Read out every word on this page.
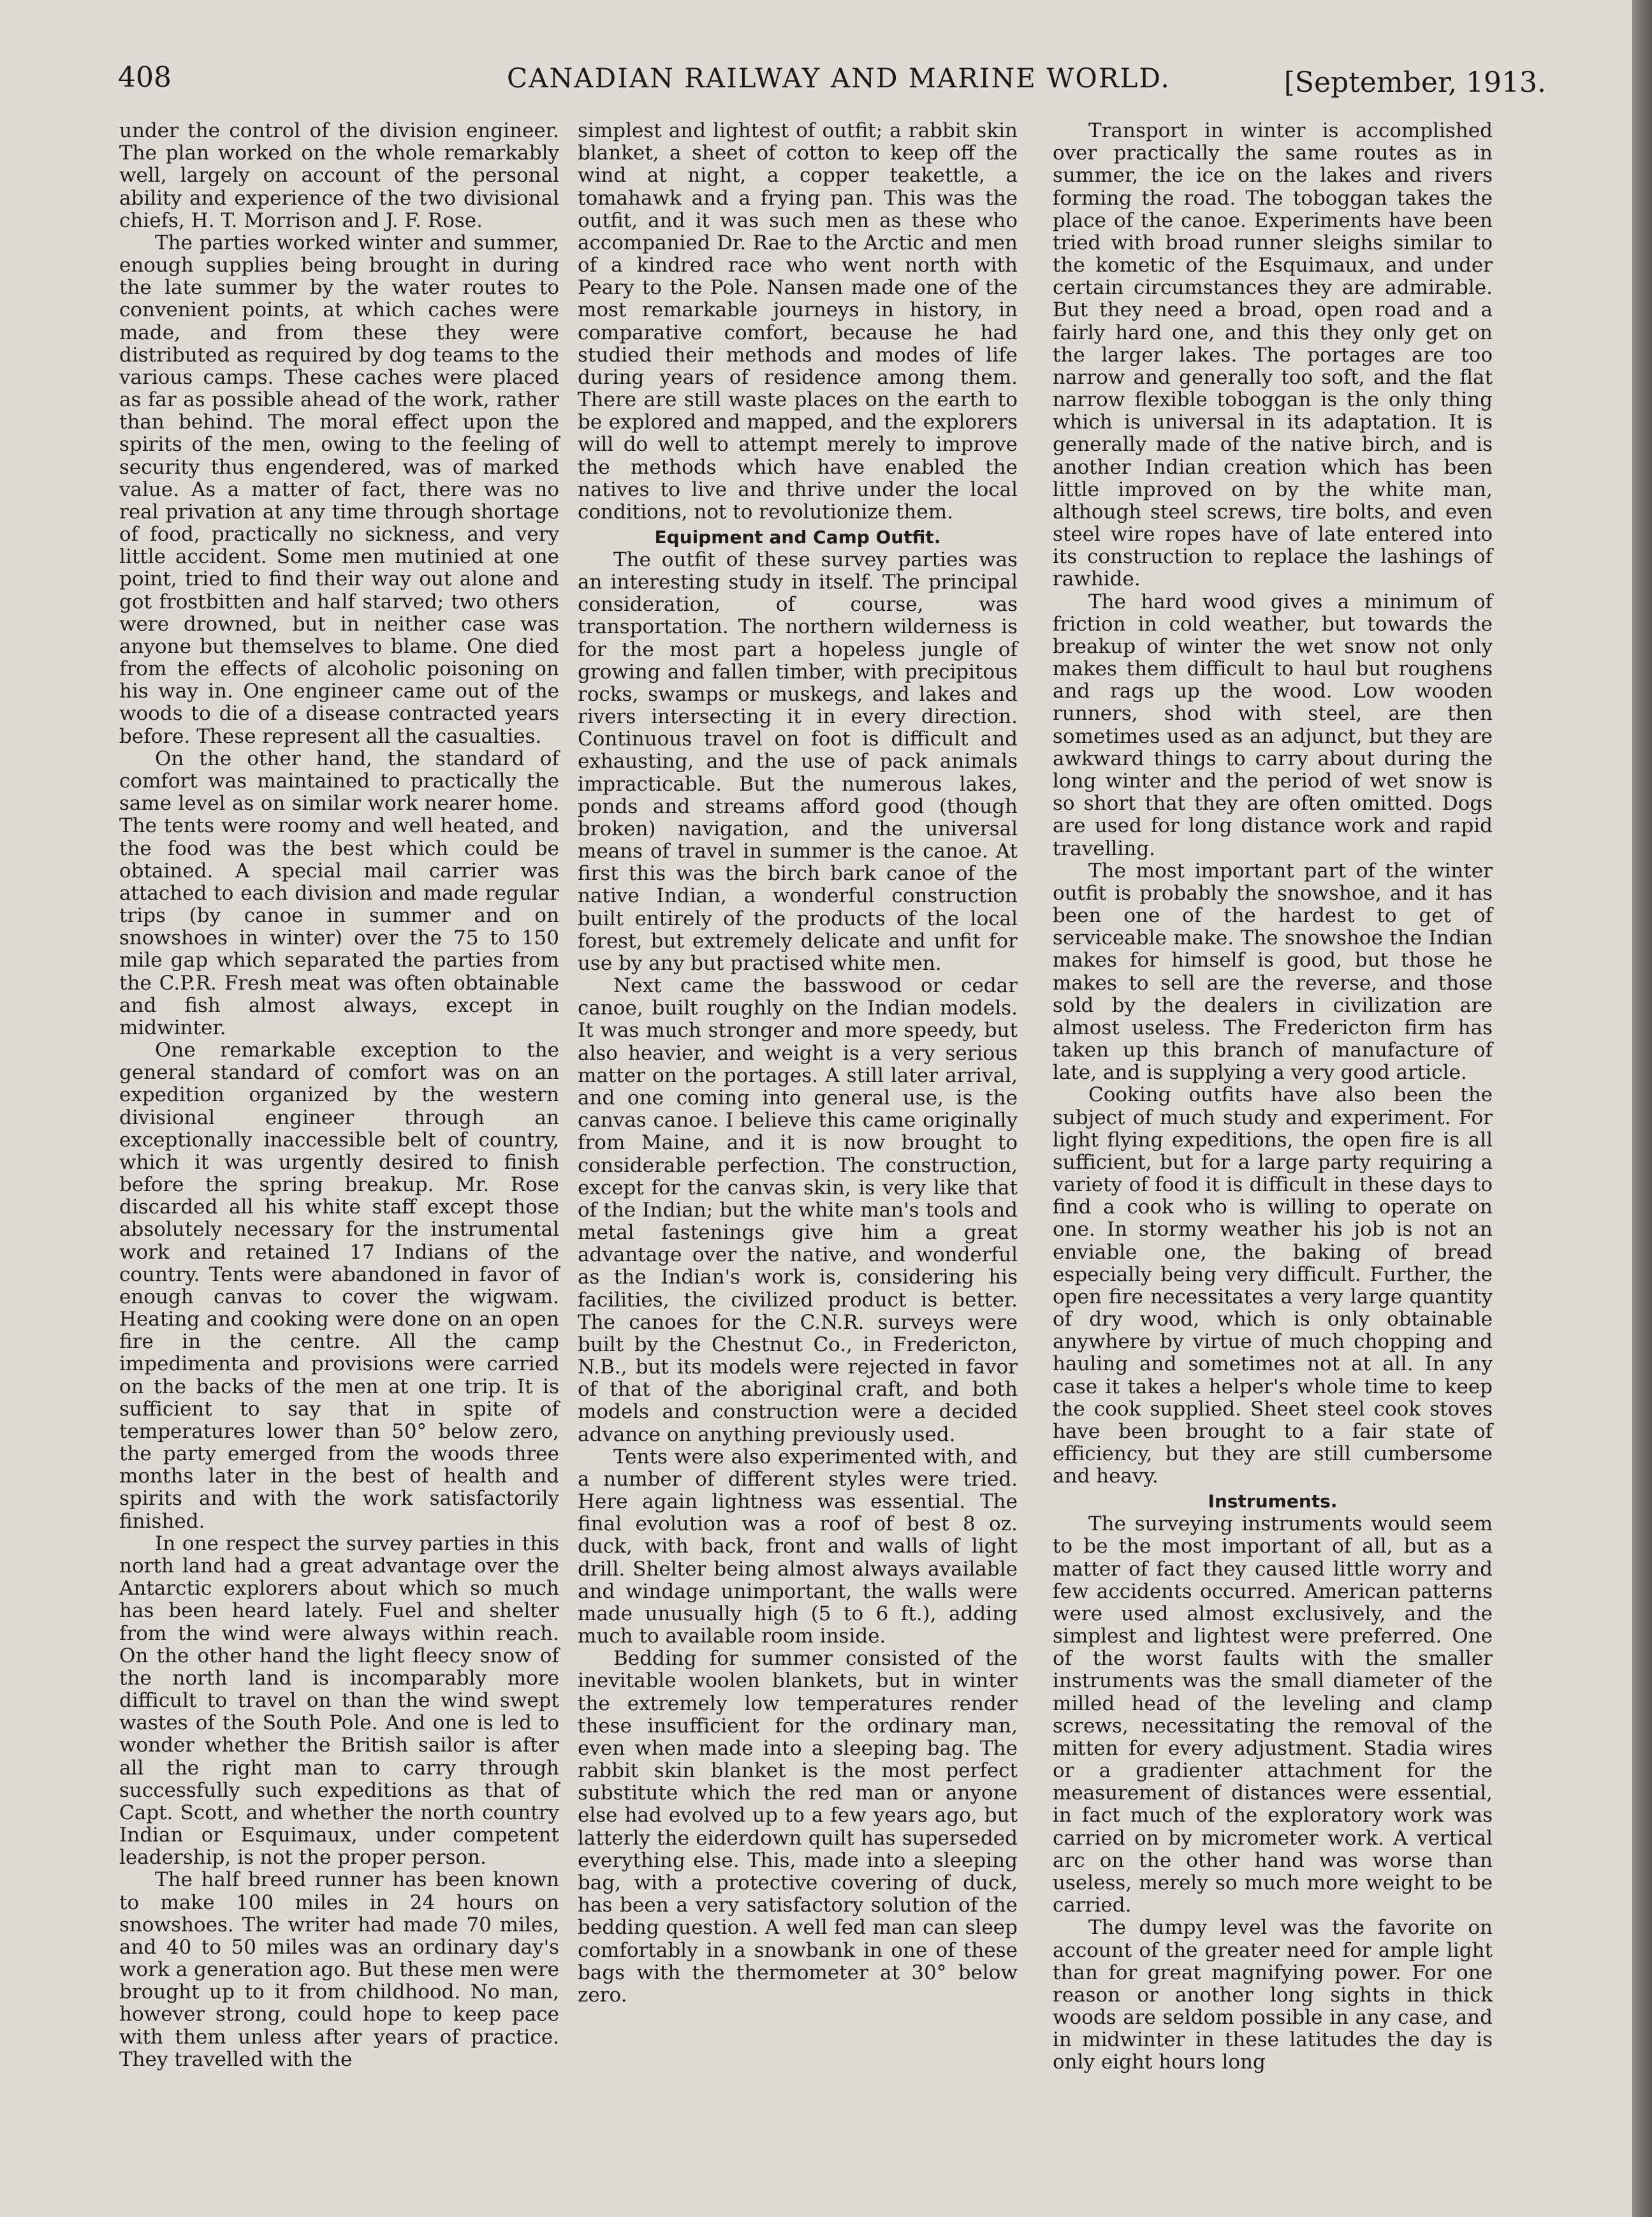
408	CANADIAN RAILWAY AND MARINE WORLD.	[September, 1913.

under the control of the division engineer. The plan worked on the whole remarkably well, largely on account of the personal ability and experience of the two divisional chiefs, H. T. Morrison and J. F. Rose.

The parties worked winter and summer, enough supplies being brought in during the late summer by the water routes to convenient points, at which caches were made, and from these they were distributed as required by dog teams to the various camps. These caches were placed as far as possible ahead of the work, rather than behind. The moral effect upon the spirits of the men, owing to the feeling of security thus engendered, was of marked value. As a matter of fact, there was no real privation at any time through shortage of food, practically no sickness, and very little accident. Some men mutinied at one point, tried to find their way out alone and got frostbitten and half starved; two others were drowned, but in neither case was anyone but themselves to blame. One died from the effects of alcoholic poisoning on his way in. One engineer came out of the woods to die of a disease contracted years before. These represent all the casualties.

On the other hand, the standard of comfort was maintained to practically the same level as on similar work nearer home. The tents were roomy and well heated, and the food was the best which could be obtained. A special mail carrier was attached to each division and made regular trips (by canoe in summer and on snowshoes in winter) over the 75 to 150 mile gap which separated the parties from the C.P.R. Fresh meat was often obtainable and fish almost always, except in midwinter.

One remarkable exception to the general standard of comfort was on an expedition organized by the western divisional engineer through an exceptionally inaccessible belt of country, which it was urgently desired to finish before the spring breakup. Mr. Rose discarded all his white staff except those absolutely necessary for the instrumental work and retained 17 Indians of the country. Tents were abandoned in favor of enough canvas to cover the wigwam. Heating and cooking were done on an open fire in the centre. All the camp impedimenta and provisions were carried on the backs of the men at one trip. It is sufficient to say that in spite of temperatures lower than 50° below zero, the party emerged from the woods three months later in the best of health and spirits and with the work satisfactorily finished.

In one respect the survey parties in this north land had a great advantage over the Antarctic explorers about which so much has been heard lately. Fuel and shelter from the wind were always within reach. On the other hand the light fleecy snow of the north land is incomparably more difficult to travel on than the wind swept wastes of the South Pole. And one is led to wonder whether the British sailor is after all the right man to carry through successfully such expeditions as that of Capt. Scott, and whether the north country Indian or Esquimaux, under competent leadership, is not the proper person.

The half breed runner has been known to make 100 miles in 24 hours on snowshoes. The writer had made 70 miles, and 40 to 50 miles was an ordinary day's work a generation ago. But these men were brought up to it from childhood. No man, however strong, could hope to keep pace with them unless after years of practice. They travelled with the

simplest and lightest of outfit; a rabbit skin blanket, a sheet of cotton to keep off the wind at night, a copper teakettle, a tomahawk and a frying pan. This was the outfit, and it was such men as these who accompanied Dr. Rae to the Arctic and men of a kindred race who went north with Peary to the Pole. Nansen made one of the most remarkable journeys in history, in comparative comfort, because he had studied their methods and modes of life during years of residence among them. There are still waste places on the earth to be explored and mapped, and the explorers will do well to attempt merely to improve the methods which have enabled the natives to live and thrive under the local conditions, not to revolutionize them.

Equipment and Camp Outfit.

The outfit of these survey parties was an interesting study in itself. The principal consideration, of course, was transportation. The northern wilderness is for the most part a hopeless jungle of growing and fallen timber, with precipitous rocks, swamps or muskegs, and lakes and rivers intersecting it in every direction. Continuous travel on foot is difficult and exhausting, and the use of pack animals impracticable. But the numerous lakes, ponds and streams afford good (though broken) navigation, and the universal means of travel in summer is the canoe. At first this was the birch bark canoe of the native Indian, a wonderful construction built entirely of the products of the local forest, but extremely delicate and unfit for use by any but practised white men.

Next came the basswood or cedar canoe, built roughly on the Indian models. It was much stronger and more speedy, but also heavier, and weight is a very serious matter on the portages. A still later arrival, and one coming into general use, is the canvas canoe. I believe this came originally from Maine, and it is now brought to considerable perfection. The construction, except for the canvas skin, is very like that of the Indian; but the white man's tools and metal fastenings give him a great advantage over the native, and wonderful as the Indian's work is, considering his facilities, the civilized product is better. The canoes for the C.N.R. surveys were built by the Chestnut Co., in Fredericton, N.B., but its models were rejected in favor of that of the aboriginal craft, and both models and construction were a decided advance on anything previously used.

Tents were also experimented with, and a number of different styles were tried. Here again lightness was essential. The final evolution was a roof of best 8 oz. duck, with back, front and walls of light drill. Shelter being almost always available and windage unimportant, the walls were made unusually high (5 to 6 ft.), adding much to available room inside.

Bedding for summer consisted of the inevitable woolen blankets, but in winter the extremely low temperatures render these insufficient for the ordinary man, even when made into a sleeping bag. The rabbit skin blanket is the most perfect substitute which the red man or anyone else had evolved up to a few years ago, but latterly the eiderdown quilt has superseded everything else. This, made into a sleeping bag, with a protective covering of duck, has been a very satisfactory solution of the bedding question. A well fed man can sleep comfortably in a snowbank in one of these bags with the thermometer at 30° below zero.

Transport in winter is accomplished over practically the same routes as in summer, the ice on the lakes and rivers forming the road. The toboggan takes the place of the canoe. Experiments have been tried with broad runner sleighs similar to the kometic of the Esquimaux, and under certain circumstances they are admirable. But they need a broad, open road and a fairly hard one, and this they only get on the larger lakes. The portages are too narrow and generally too soft, and the flat narrow flexible toboggan is the only thing which is universal in its adaptation. It is generally made of the native birch, and is another Indian creation which has been little improved on by the white man, although steel screws, tire bolts, and even steel wire ropes have of late entered into its construction to replace the lashings of rawhide.

The hard wood gives a minimum of friction in cold weather, but towards the breakup of winter the wet snow not only makes them difficult to haul but roughens and rags up the wood. Low wooden runners, shod with steel, are then sometimes used as an adjunct, but they are awkward things to carry about during the long winter and the period of wet snow is so short that they are often omitted. Dogs are used for long distance work and rapid travelling.

The most important part of the winter outfit is probably the snowshoe, and it has been one of the hardest to get of serviceable make. The snowshoe the Indian makes for himself is good, but those he makes to sell are the reverse, and those sold by the dealers in civilization are almost useless. The Fredericton firm has taken up this branch of manufacture of late, and is supplying a very good article.

Cooking outfits have also been the subject of much study and experiment. For light flying expeditions, the open fire is all sufficient, but for a large party requiring a variety of food it is difficult in these days to find a cook who is willing to operate on one. In stormy weather his job is not an enviable one, the baking of bread especially being very difficult. Further, the open fire necessitates a very large quantity of dry wood, which is only obtainable anywhere by virtue of much chopping and hauling and sometimes not at all. In any case it takes a helper's whole time to keep the cook supplied. Sheet steel cook stoves have been brought to a fair state of efficiency, but they are still cumbersome and heavy.

Instruments.

The surveying instruments would seem to be the most important of all, but as a matter of fact they caused little worry and few accidents occurred. American patterns were used almost exclusively, and the simplest and lightest were preferred. One of the worst faults with the smaller instruments was the small diameter of the milled head of the leveling and clamp screws, necessitating the removal of the mitten for every adjustment. Stadia wires or a gradienter attachment for the measurement of distances were essential, in fact much of the exploratory work was carried on by micrometer work. A vertical arc on the other hand was worse than useless, merely so much more weight to be carried.

The dumpy level was the favorite on account of the greater need for ample light than for great magnifying power. For one reason or another long sights in thick woods are seldom possible in any case, and in midwinter in these latitudes the day is only eight hours long
